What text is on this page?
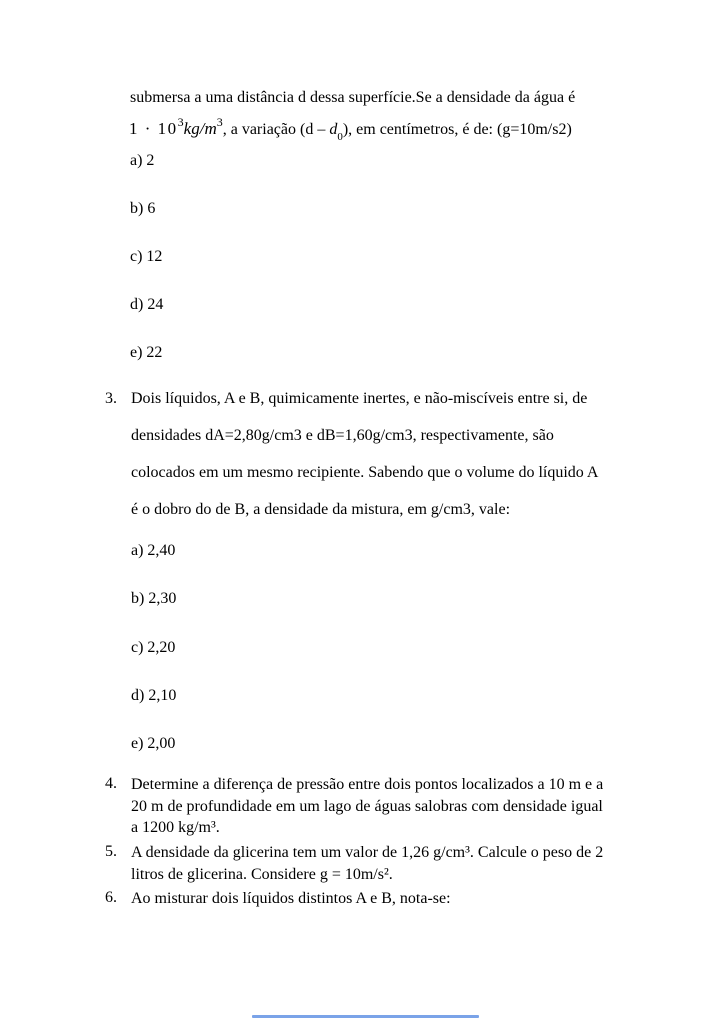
submersa a uma distância d dessa superfície.Se a densidade da água é
$1 \cdot 10^3kg/m^3$, a variação $(d - d_0)$, em centímetros, é de: (g=10m/s2)
a) 2
b) 6
c) 12
d) 24
e) 22
3. Dois líquidos, A e B, quimicamente inertes, e não-miscíveis entre si, de
densidades dA=2,80g/cm3 e dB=1,60g/cm3, respectivamente, são
colocados em um mesmo recipiente. Sabendo que o volume do líquido A
é o dobro do de B, a densidade da mistura, em g/cm3, vale:
a) 2,40
b) 2,30
c) 2,20
d) 2,10
e) 2,00
4. Determine a diferença de pressão entre dois pontos localizados a 10 m e a
20 m de profundidade em um lago de águas salobras com densidade igual
a 1200 kg/m³.
5. A densidade da glicerina tem um valor de 1,26 g/cm³. Calcule o peso de 2
litros de glicerina. Considere g = 10m/s².
6. Ao misturar dois líquidos distintos A e B, nota-se:
